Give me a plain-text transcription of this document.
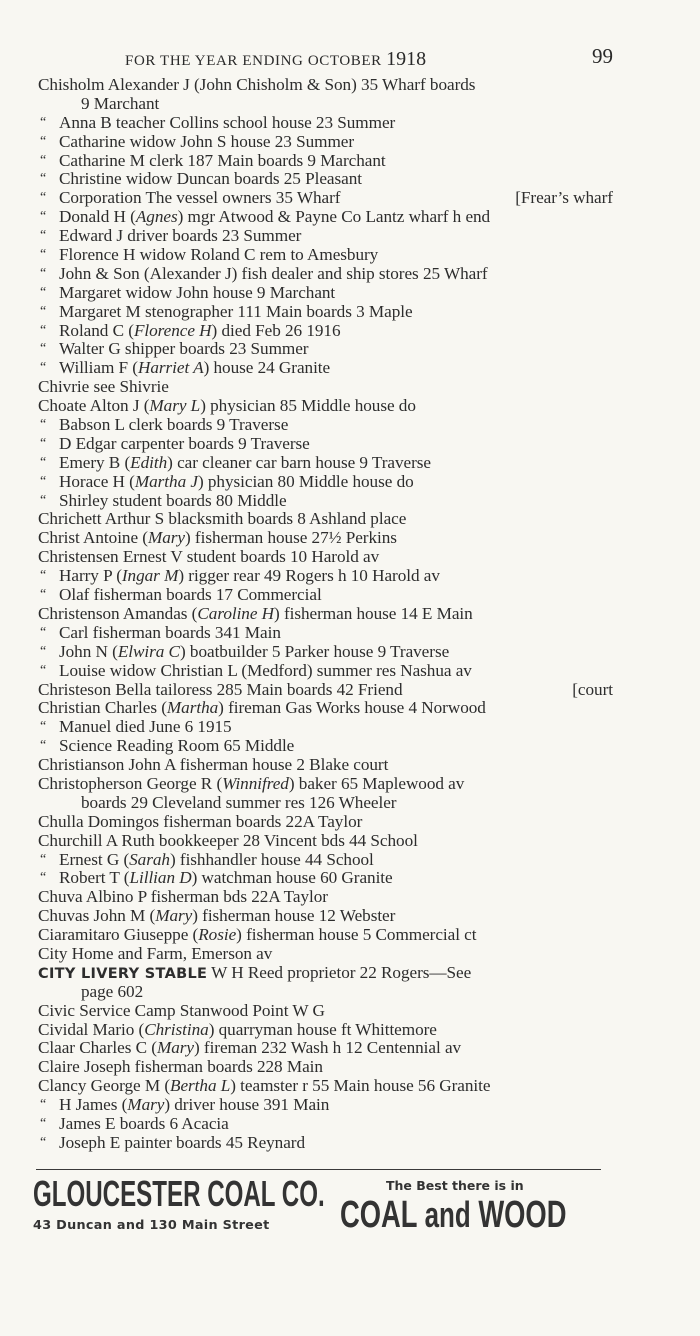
FOR THE YEAR ENDING OCTOBER 1918	99
Chisholm Alexander J (John Chisholm & Son) 35 Wharf boards
9 Marchant
“ Anna B teacher Collins school house 23 Summer
“ Catharine widow John S house 23 Summer
“ Catharine M clerk 187 Main boards 9 Marchant
“ Christine widow Duncan boards 25 Pleasant
“ Corporation The vessel owners 35 Wharf	[Frear’s wharf
“ Donald H (Agnes) mgr Atwood & Payne Co Lantz wharf h end
“ Edward J driver boards 23 Summer
“ Florence H widow Roland C rem to Amesbury
“ John & Son (Alexander J) fish dealer and ship stores 25 Wharf
“ Margaret widow John house 9 Marchant
“ Margaret M stenographer 111 Main boards 3 Maple
“ Roland C (Florence H) died Feb 26 1916
“ Walter G shipper boards 23 Summer
“ William F (Harriet A) house 24 Granite
Chivrie see Shivrie
Choate Alton J (Mary L) physician 85 Middle house do
“ Babson L clerk boards 9 Traverse
“ D Edgar carpenter boards 9 Traverse
“ Emery B (Edith) car cleaner car barn house 9 Traverse
“ Horace H (Martha J) physician 80 Middle house do
“ Shirley student boards 80 Middle
Chrichett Arthur S blacksmith boards 8 Ashland place
Christ Antoine (Mary) fisherman house 27½ Perkins
Christensen Ernest V student boards 10 Harold av
“ Harry P (Ingar M) rigger rear 49 Rogers h 10 Harold av
“ Olaf fisherman boards 17 Commercial
Christenson Amandas (Caroline H) fisherman house 14 E Main
“ Carl fisherman boards 341 Main
“ John N (Elwira C) boatbuilder 5 Parker house 9 Traverse
“ Louise widow Christian L (Medford) summer res Nashua av
Christeson Bella tailoress 285 Main boards 42 Friend	[court
Christian Charles (Martha) fireman Gas Works house 4 Norwood
“ Manuel died June 6 1915
“ Science Reading Room 65 Middle
Christianson John A fisherman house 2 Blake court
Christopherson George R (Winnifred) baker 65 Maplewood av
boards 29 Cleveland summer res 126 Wheeler
Chulla Domingos fisherman boards 22A Taylor
Churchill A Ruth bookkeeper 28 Vincent bds 44 School
“ Ernest G (Sarah) fishhandler house 44 School
“ Robert T (Lillian D) watchman house 60 Granite
Chuva Albino P fisherman bds 22A Taylor
Chuvas John M (Mary) fisherman house 12 Webster
Ciaramitaro Giuseppe (Rosie) fisherman house 5 Commercial ct
City Home and Farm, Emerson av
CITY LIVERY STABLE W H Reed proprietor 22 Rogers—See
page 602
Civic Service Camp Stanwood Point W G
Cividal Mario (Christina) quarryman house ft Whittemore
Claar Charles C (Mary) fireman 232 Wash h 12 Centennial av
Claire Joseph fisherman boards 228 Main
Clancy George M (Bertha L) teamster r 55 Main house 56 Granite
“ H James (Mary) driver house 391 Main
“ James E boards 6 Acacia
“ Joseph E painter boards 45 Reynard
GLOUCESTER COAL CO.
43 Duncan and 130 Main Street
The Best there is in
COAL and WOOD
